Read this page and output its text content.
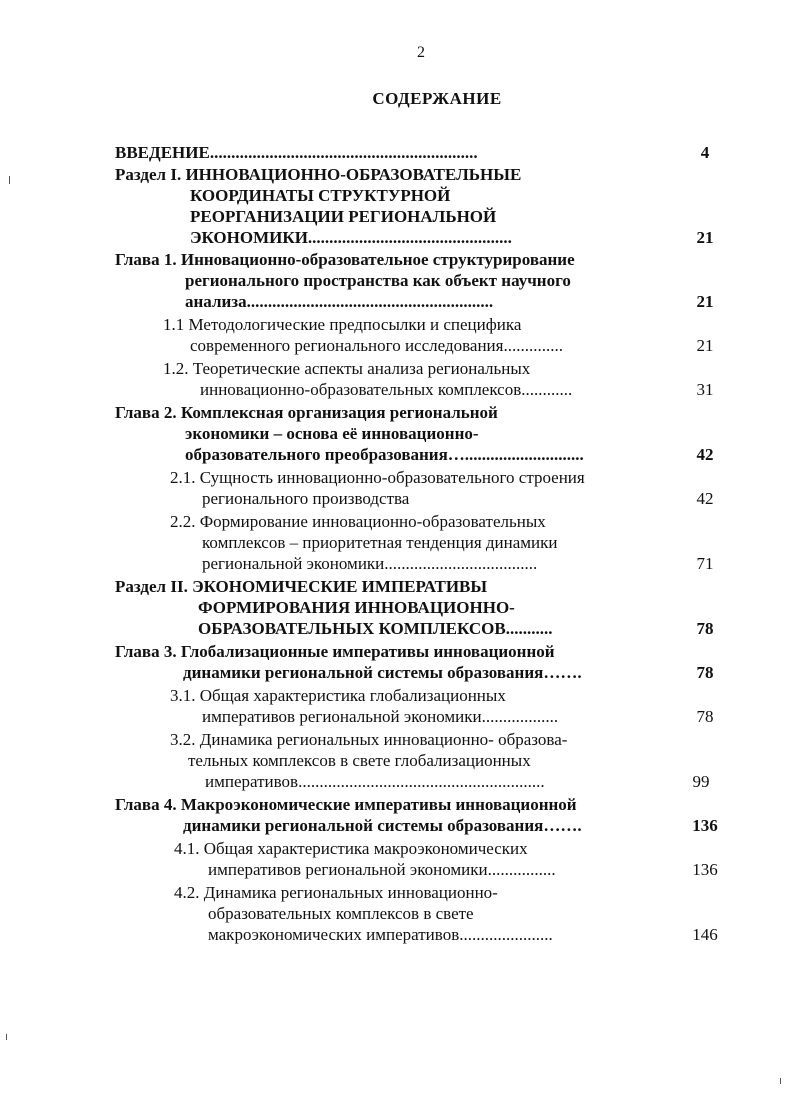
2
СОДЕРЖАНИЕ
ВВЕДЕНИЕ...............................................................	4
Раздел I. ИННОВАЦИОННО-ОБРАЗОВАТЕЛЬНЫЕ
КООРДИНАТЫ СТРУКТУРНОЙ
РЕОРГАНИЗАЦИИ РЕГИОНАЛЬНОЙ
ЭКОНОМИКИ................................................	21
Глава 1. Инновационно-образовательное структурирование
регионального пространства как объект научного
анализа..........................................................	21
1.1 Методологические предпосылки и специфика
современного регионального исследования..............	21
1.2. Теоретические аспекты анализа региональных
инновационно-образовательных комплексов............	31
Глава 2. Комплексная организация региональной
экономики – основа её инновационно-
образовательного преобразования…............................	42
2.1. Сущность инновационно-образовательного строения
регионального производства	42
2.2. Формирование инновационно-образовательных
комплексов – приоритетная тенденция динамики
региональной экономики....................................	71
Раздел II. ЭКОНОМИЧЕСКИЕ ИМПЕРАТИВЫ
ФОРМИРОВАНИЯ ИННОВАЦИОННО-
ОБРАЗОВАТЕЛЬНЫХ КОМПЛЕКСОВ...........	78
Глава 3. Глобализационные императивы инновационной
динамики региональной системы образования…….	78
3.1. Общая характеристика глобализационных
императивов региональной экономики..................	78
3.2. Динамика региональных инновационно- образова-
тельных комплексов в свете глобализационных
императивов..........................................................	99
Глава 4. Макроэкономические императивы инновационной
динамики региональной системы образования…….	136
4.1. Общая характеристика макроэкономических
императивов региональной экономики................	136
4.2. Динамика региональных инновационно-
образовательных комплексов в свете
макроэкономических императивов......................	146
